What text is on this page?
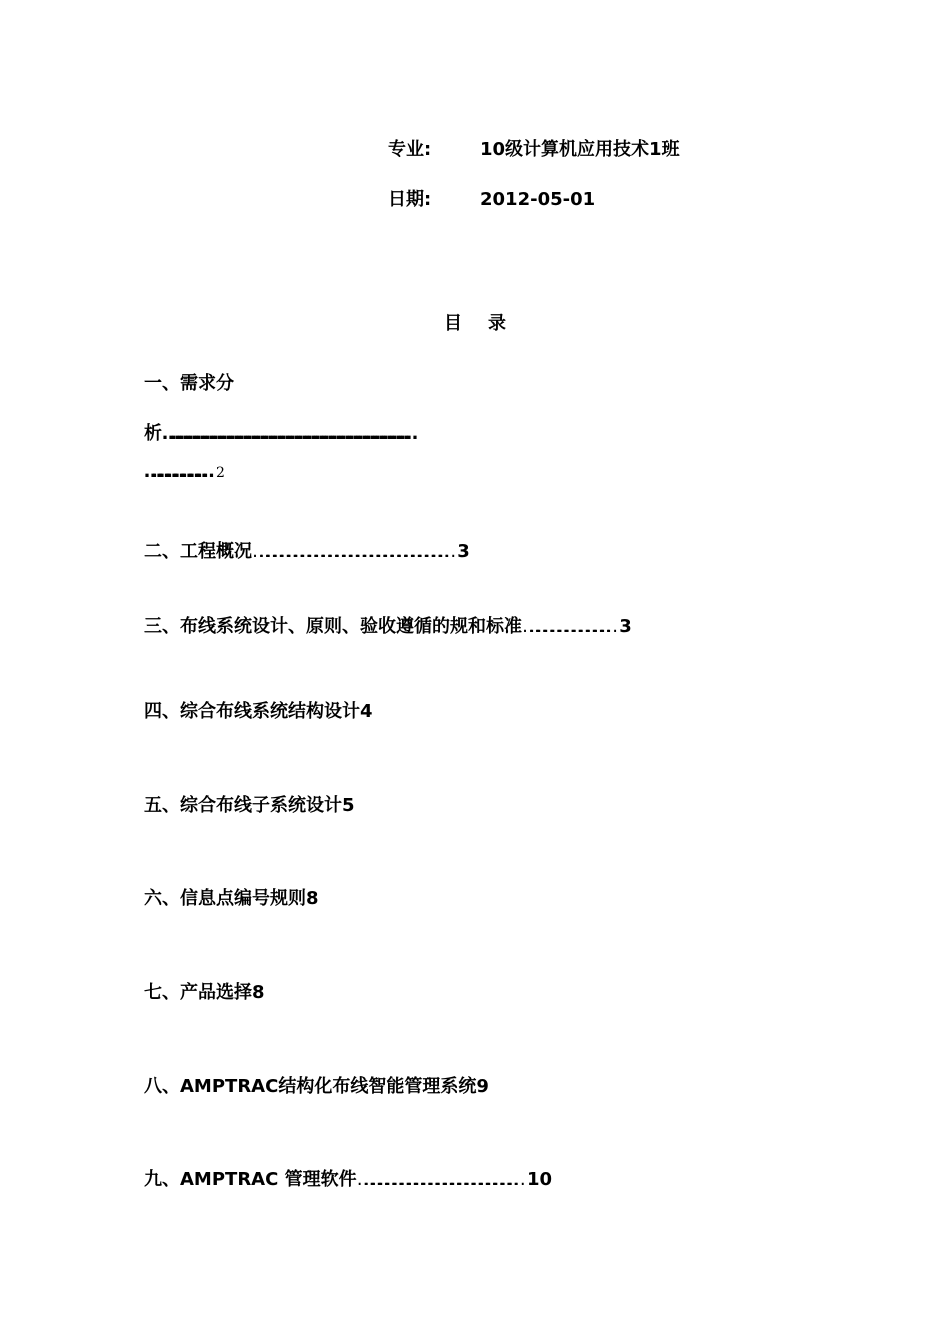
专业:	10级计算机应用技术1班
日期:	2012-05-01
目录
一、需求分
析……………………………………………………………………………
…………………… 2
二、工程概况………………………………………………………………………… 3
三、布线系统设计、原则、验收遵循的规和标准……………………………… 3
四、综合布线系统结构设计4
五、综合布线子系统设计5
六、信息点编号规则8
七、产品选择8
八、AMPTRAC结构化布线智能管理系统9
九、AMPTRAC 管理软件………………………………………………………… 10
